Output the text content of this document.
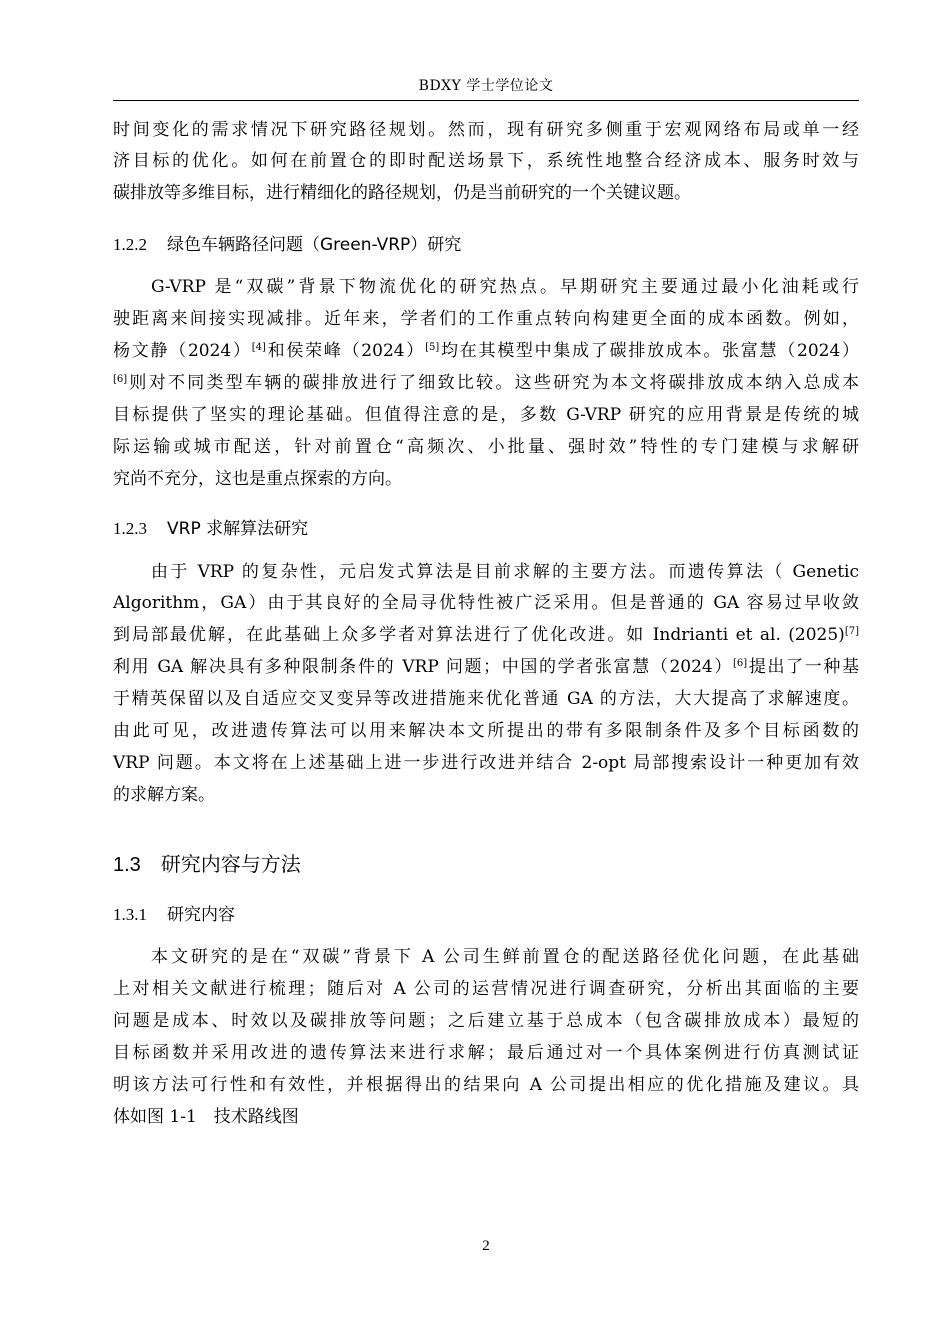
BDXY 学士学位论文
时间变化的需求情况下研究路径规划。然而，现有研究多侧重于宏观网络布局或单一经
济目标的优化。如何在前置仓的即时配送场景下，系统性地整合经济成本、服务时效与
碳排放等多维目标，进行精细化的路径规划，仍是当前研究的一个关键议题。
1.2.2 绿色车辆路径问题（Green-VRP）研究
G-VRP 是“双碳”背景下物流优化的研究热点。早期研究主要通过最小化油耗或行
驶距离来间接实现减排。近年来，学者们的工作重点转向构建更全面的成本函数。例如，
杨文静（2024）[4]和侯荣峰（2024）[5]均在其模型中集成了碳排放成本。张富慧（2024）
[6]则对不同类型车辆的碳排放进行了细致比较。这些研究为本文将碳排放成本纳入总成本
目标提供了坚实的理论基础。但值得注意的是，多数 G-VRP 研究的应用背景是传统的城
际运输或城市配送，针对前置仓“高频次、小批量、强时效”特性的专门建模与求解研
究尚不充分，这也是重点探索的方向。
1.2.3 VRP 求解算法研究
由于 VRP 的复杂性，元启发式算法是目前求解的主要方法。而遗传算法（ Genetic
Algorithm，GA）由于其良好的全局寻优特性被广泛采用。但是普通的 GA 容易过早收敛
到局部最优解，在此基础上众多学者对算法进行了优化改进。如 Indrianti et al. (2025)[7]
利用 GA 解决具有多种限制条件的 VRP 问题；中国的学者张富慧（2024）[6]提出了一种基
于精英保留以及自适应交叉变异等改进措施来优化普通 GA 的方法，大大提高了求解速度。
由此可见，改进遗传算法可以用来解决本文所提出的带有多限制条件及多个目标函数的
VRP 问题。本文将在上述基础上进一步进行改进并结合 2-opt 局部搜索设计一种更加有效
的求解方案。
1.3 研究内容与方法
1.3.1 研究内容
本文研究的是在“双碳”背景下 A 公司生鲜前置仓的配送路径优化问题，在此基础
上对相关文献进行梳理；随后对 A 公司的运营情况进行调查研究，分析出其面临的主要
问题是成本、时效以及碳排放等问题；之后建立基于总成本（包含碳排放成本）最短的
目标函数并采用改进的遗传算法来进行求解；最后通过对一个具体案例进行仿真测试证
明该方法可行性和有效性，并根据得出的结果向 A 公司提出相应的优化措施及建议。具
体如图 1-1　技术路线图
2
